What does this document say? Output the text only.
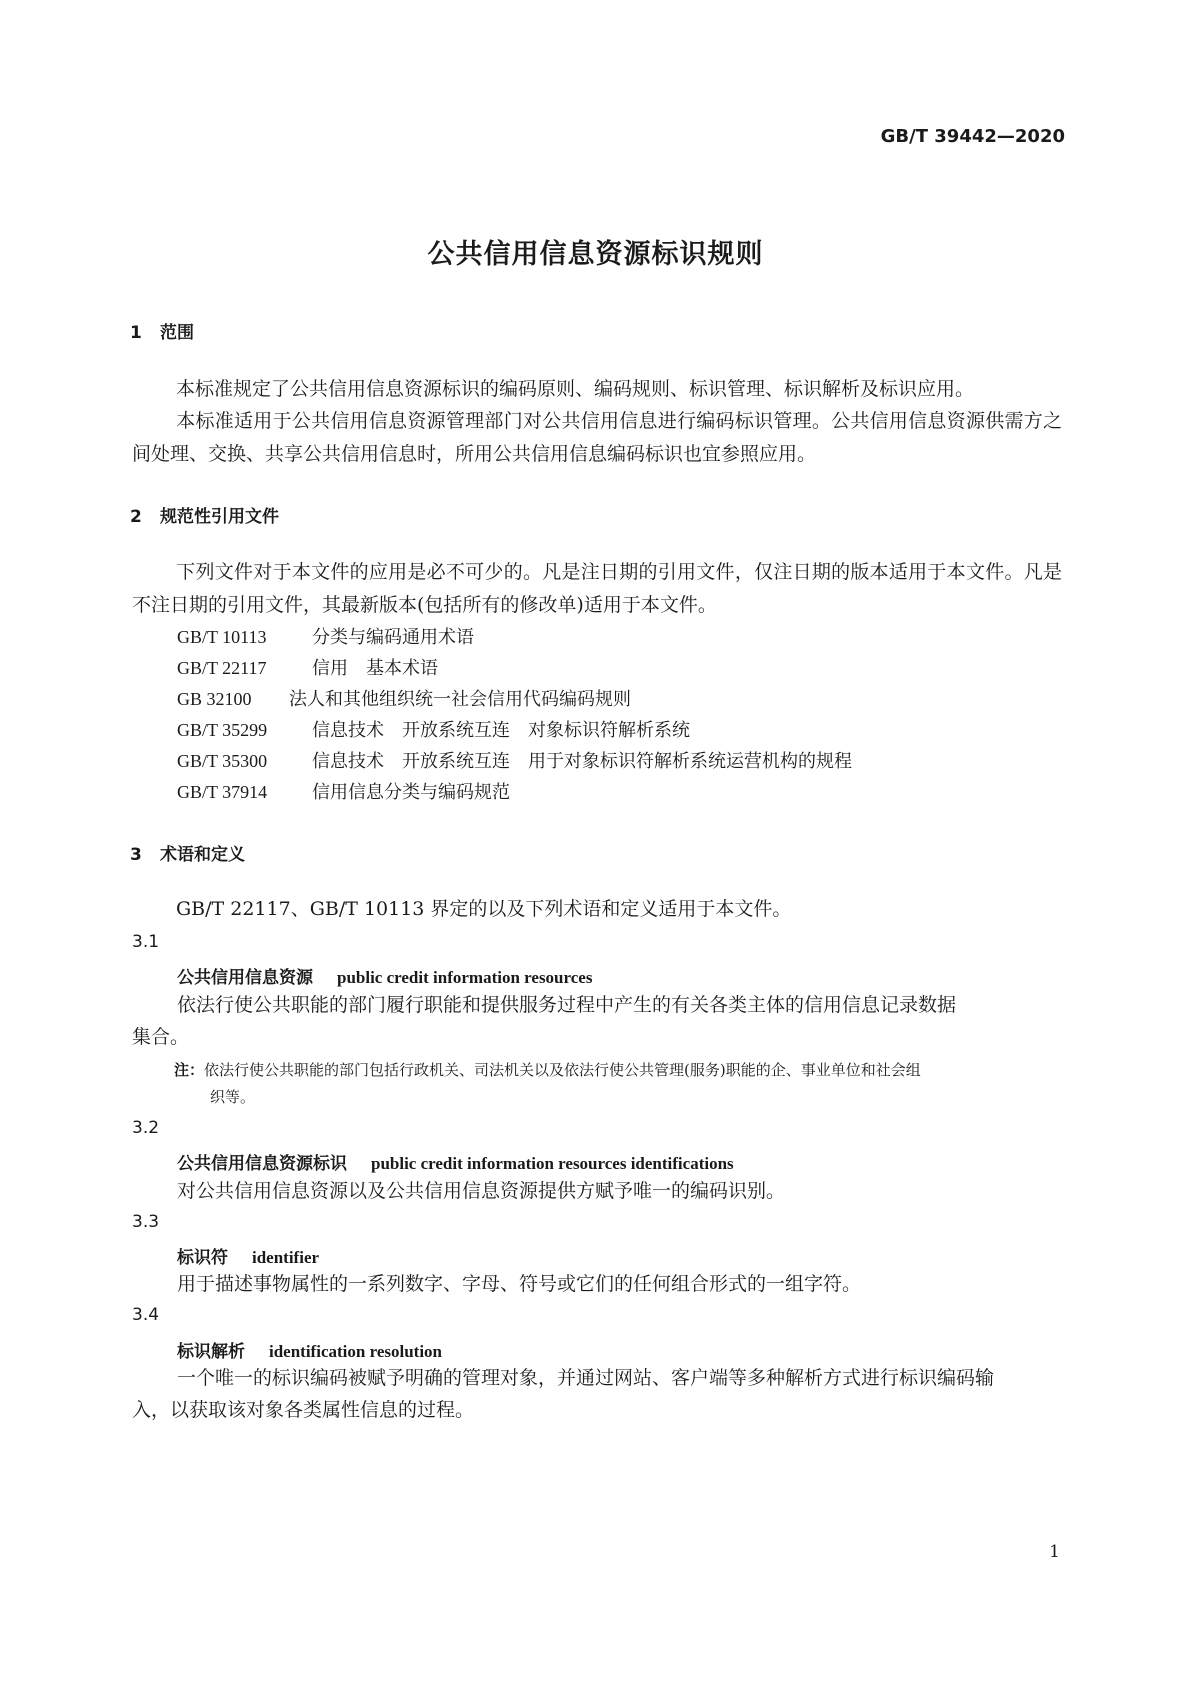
GB/T 39442—2020
公共信用信息资源标识规则
1 范围
本标准规定了公共信用信息资源标识的编码原则、编码规则、标识管理、标识解析及标识应用。
本标准适用于公共信用信息资源管理部门对公共信用信息进行编码标识管理。公共信用信息资源供需方之间处理、交换、共享公共信用信息时，所用公共信用信息编码标识也宜参照应用。
2 规范性引用文件
下列文件对于本文件的应用是必不可少的。凡是注日期的引用文件，仅注日期的版本适用于本文件。凡是不注日期的引用文件，其最新版本(包括所有的修改单)适用于本文件。
GB/T 10113	分类与编码通用术语
GB/T 22117	信用　基本术语
GB 32100 法人和其他组织统一社会信用代码编码规则
GB/T 35299 信息技术　开放系统互连　对象标识符解析系统
GB/T 35300 信息技术　开放系统互连　用于对象标识符解析系统运营机构的规程
GB/T 37914 信用信息分类与编码规范
3 术语和定义
GB/T 22117、GB/T 10113 界定的以及下列术语和定义适用于本文件。
3.1
公共信用信息资源 public credit information resources
依法行使公共职能的部门履行职能和提供服务过程中产生的有关各类主体的信用信息记录数据
集合。
注：依法行使公共职能的部门包括行政机关、司法机关以及依法行使公共管理(服务)职能的企、事业单位和社会组
织等。
3.2
公共信用信息资源标识 public credit information resources identifications
对公共信用信息资源以及公共信用信息资源提供方赋予唯一的编码识别。
3.3
标识符 identifier
用于描述事物属性的一系列数字、字母、符号或它们的任何组合形式的一组字符。
3.4
标识解析 identification resolution
一个唯一的标识编码被赋予明确的管理对象，并通过网站、客户端等多种解析方式进行标识编码输
入，以获取该对象各类属性信息的过程。
1
